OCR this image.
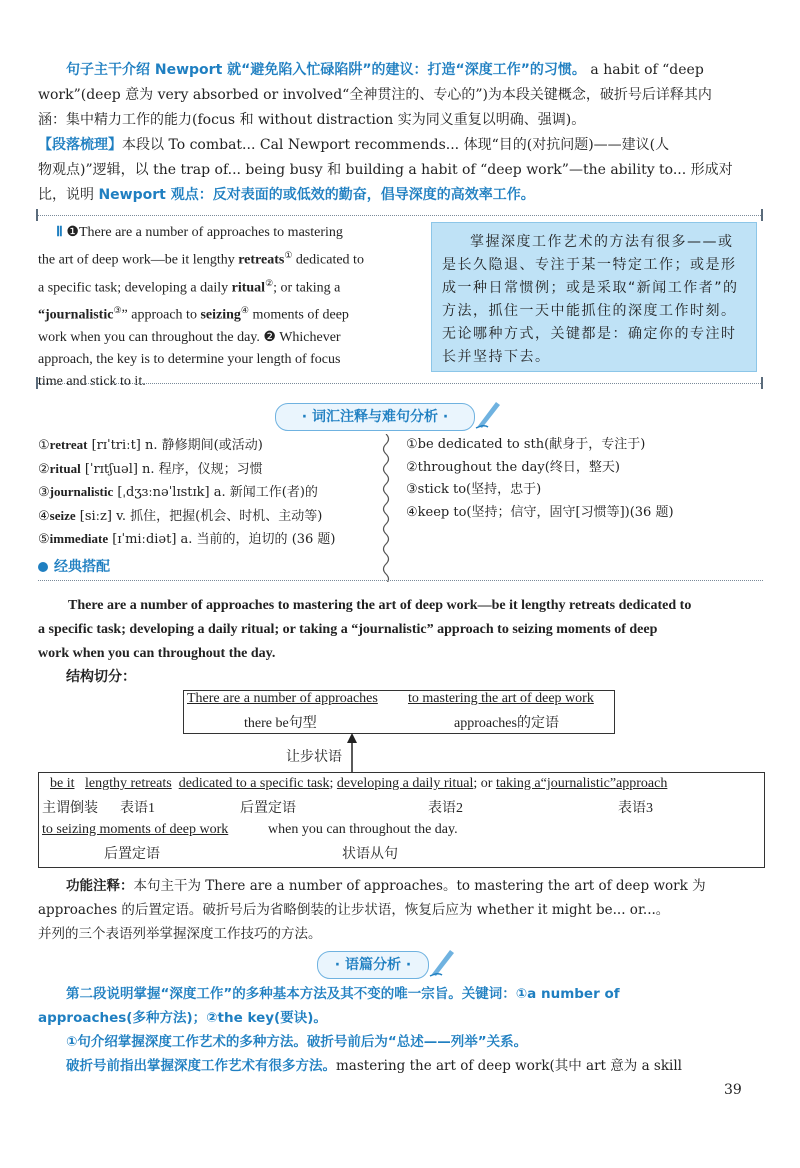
句子主干介绍 Newport 就“避免陷入忙碌陷阱”的建议：打造“深度工作”的习惯。 a habit of “deep
work”(deep 意为 very absorbed or involved“全神贯注的、专心的”)为本段关键概念，破折号后详释其内
涵：集中精力工作的能力(focus 和 without distraction 实为同义重复以明确、强调)。
【段落梳理】本段以 To combat... Cal Newport recommends... 体现“目的(对抗问题)——建议(人
物观点)”逻辑，以 the trap of... being busy 和 building a habit of “deep work”—the ability to... 形成对
比，说明 Newport 观点：反对表面的或低效的勤奋，倡导深度的高效率工作。
Ⅱ ❶There are a number of approaches to mastering
the art of deep work—be it lengthy retreats① dedicated to
a specific task; developing a daily ritual②; or taking a
“journalistic③” approach to seizing④ moments of deep
work when you can throughout the day. ❷ Whichever
approach, the key is to determine your length of focus
time and stick to it.
掌握深度工作艺术的方法有很多——或是长久隐退、专注于某一特定工作；或是形成一种日常惯例；或是采取“新闻工作者”的方法，抓住一天中能抓住的深度工作时刻。无论哪种方式，关键都是：确定你的专注时长并坚持下去。
· 词汇注释与难句分析 ·
①retreat [rɪˈtriːt] n. 静修期间(或活动)
②ritual [ˈrɪtʃuəl] n. 程序，仪规；习惯
③journalistic [ˌdʒɜːnəˈlɪstɪk] a. 新闻工作(者)的
④seize [siːz] v. 抓住，把握(机会、时机、主动等)
⑤immediate [ɪˈmiːdiət] a. 当前的，迫切的 (36 题)
①be dedicated to sth(献身于，专注于)
②throughout the day(终日，整天)
③stick to(坚持，忠于)
④keep to(坚持；信守，固守[习惯等])(36 题)
经典搭配
There are a number of approaches to mastering the art of deep work—be it lengthy retreats dedicated to
a specific task; developing a daily ritual; or taking a “journalistic” approach to seizing moments of deep
work when you can throughout the day.
结构切分：
There are a number of approaches to mastering the art of deep work
there be句型	approaches的定语
让步状语
be it lengthy retreats dedicated to a specific task; developing a daily ritual; or taking a“journalistic”approach
主谓倒装 表语1	后置定语	表语2	表语3
to seizing moments of deep work	when you can throughout the day.
后置定语	状语从句
功能注释：本句主干为 There are a number of approaches。to mastering the art of deep work 为
approaches 的后置定语。破折号后为省略倒装的让步状语，恢复后应为 whether it might be... or...。
并列的三个表语列举掌握深度工作技巧的方法。
· 语篇分析 ·
第二段说明掌握“深度工作”的多种基本方法及其不变的唯一宗旨。关键词：①a number of
approaches(多种方法)；②the key(要诀)。
①句介绍掌握深度工作艺术的多种方法。破折号前后为“总述——列举”关系。
破折号前指出掌握深度工作艺术有很多方法。mastering the art of deep work(其中 art 意为 a skill
39
